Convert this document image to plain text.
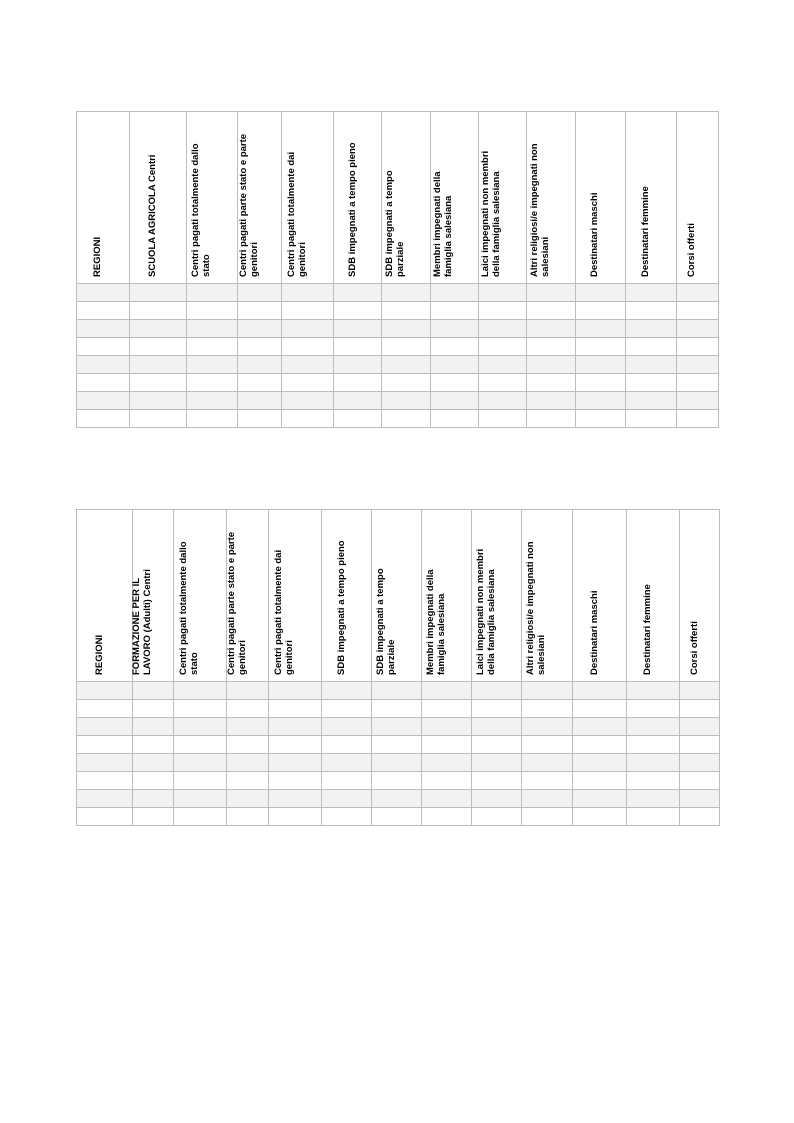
REGIONI	SCUOLA AGRICOLA Centri	Centri pagati totalmente dallo stato	Centri pagati parte stato e parte genitori	Centri pagati totalmente dai genitori	SDB impegnati a tempo pieno	SDB impegnati a tempo parziale	Membri impegnati della famiglia salesiana	Laici impegnati non membri della famiglia salesiana	Altri religiosi/e impegnati non salesiani	Destinatari maschi	Destinatari femmine	Corsi offerti

REGIONI	FORMAZIONE PER IL LAVORO (Adulti) Centri	Centri pagati totalmente dallo stato	Centri pagati parte stato e parte genitori	Centri pagati totalmente dai genitori	SDB impegnati a tempo pieno	SDB impegnati a tempo parziale	Membri impegnati della famiglia salesiana	Laici impegnati non membri della famiglia salesiana	Altri religiosi/e impegnati non salesiani	Destinatari maschi	Destinatari femmine	Corsi offerti
